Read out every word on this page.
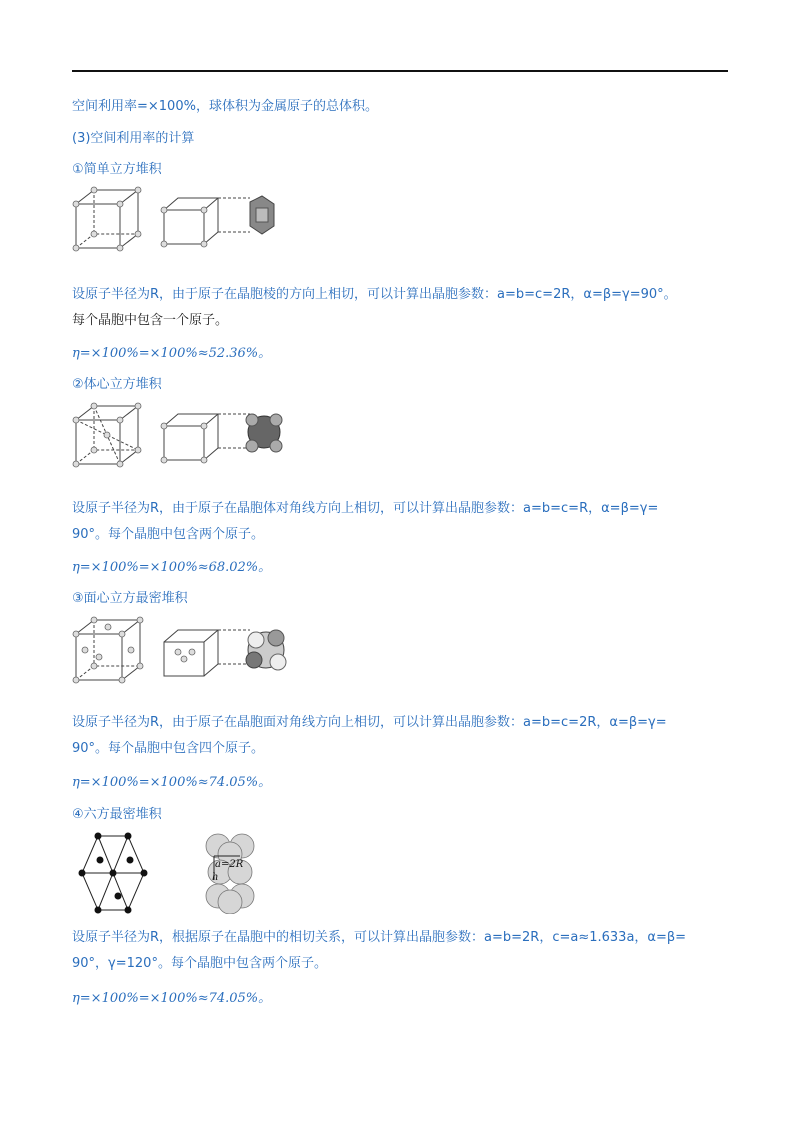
空间利用率=×100%，球体积为金属原子的总体积。
(3)空间利用率的计算
①简单立方堆积
设原子半径为R，由于原子在晶胞棱的方向上相切，可以计算出晶胞参数：a=b=c=2R，α=β=γ=90°。
每个晶胞中包含一个原子。
η=×100%=×100%≈52.36%。
②体心立方堆积
设原子半径为R，由于原子在晶胞体对角线方向上相切，可以计算出晶胞参数：a=b=c=R，α=β=γ=
90°。每个晶胞中包含两个原子。
η=×100%=×100%≈68.02%。
③面心立方最密堆积
设原子半径为R，由于原子在晶胞面对角线方向上相切，可以计算出晶胞参数：a=b=c=2R，α=β=γ=
90°。每个晶胞中包含四个原子。
η=×100%=×100%≈74.05%。
④六方最密堆积
a=2R
h
设原子半径为R，根据原子在晶胞中的相切关系，可以计算出晶胞参数：a=b=2R，c=a≈1.633a，α=β=
90°，γ=120°。每个晶胞中包含两个原子。
η=×100%=×100%≈74.05%。
